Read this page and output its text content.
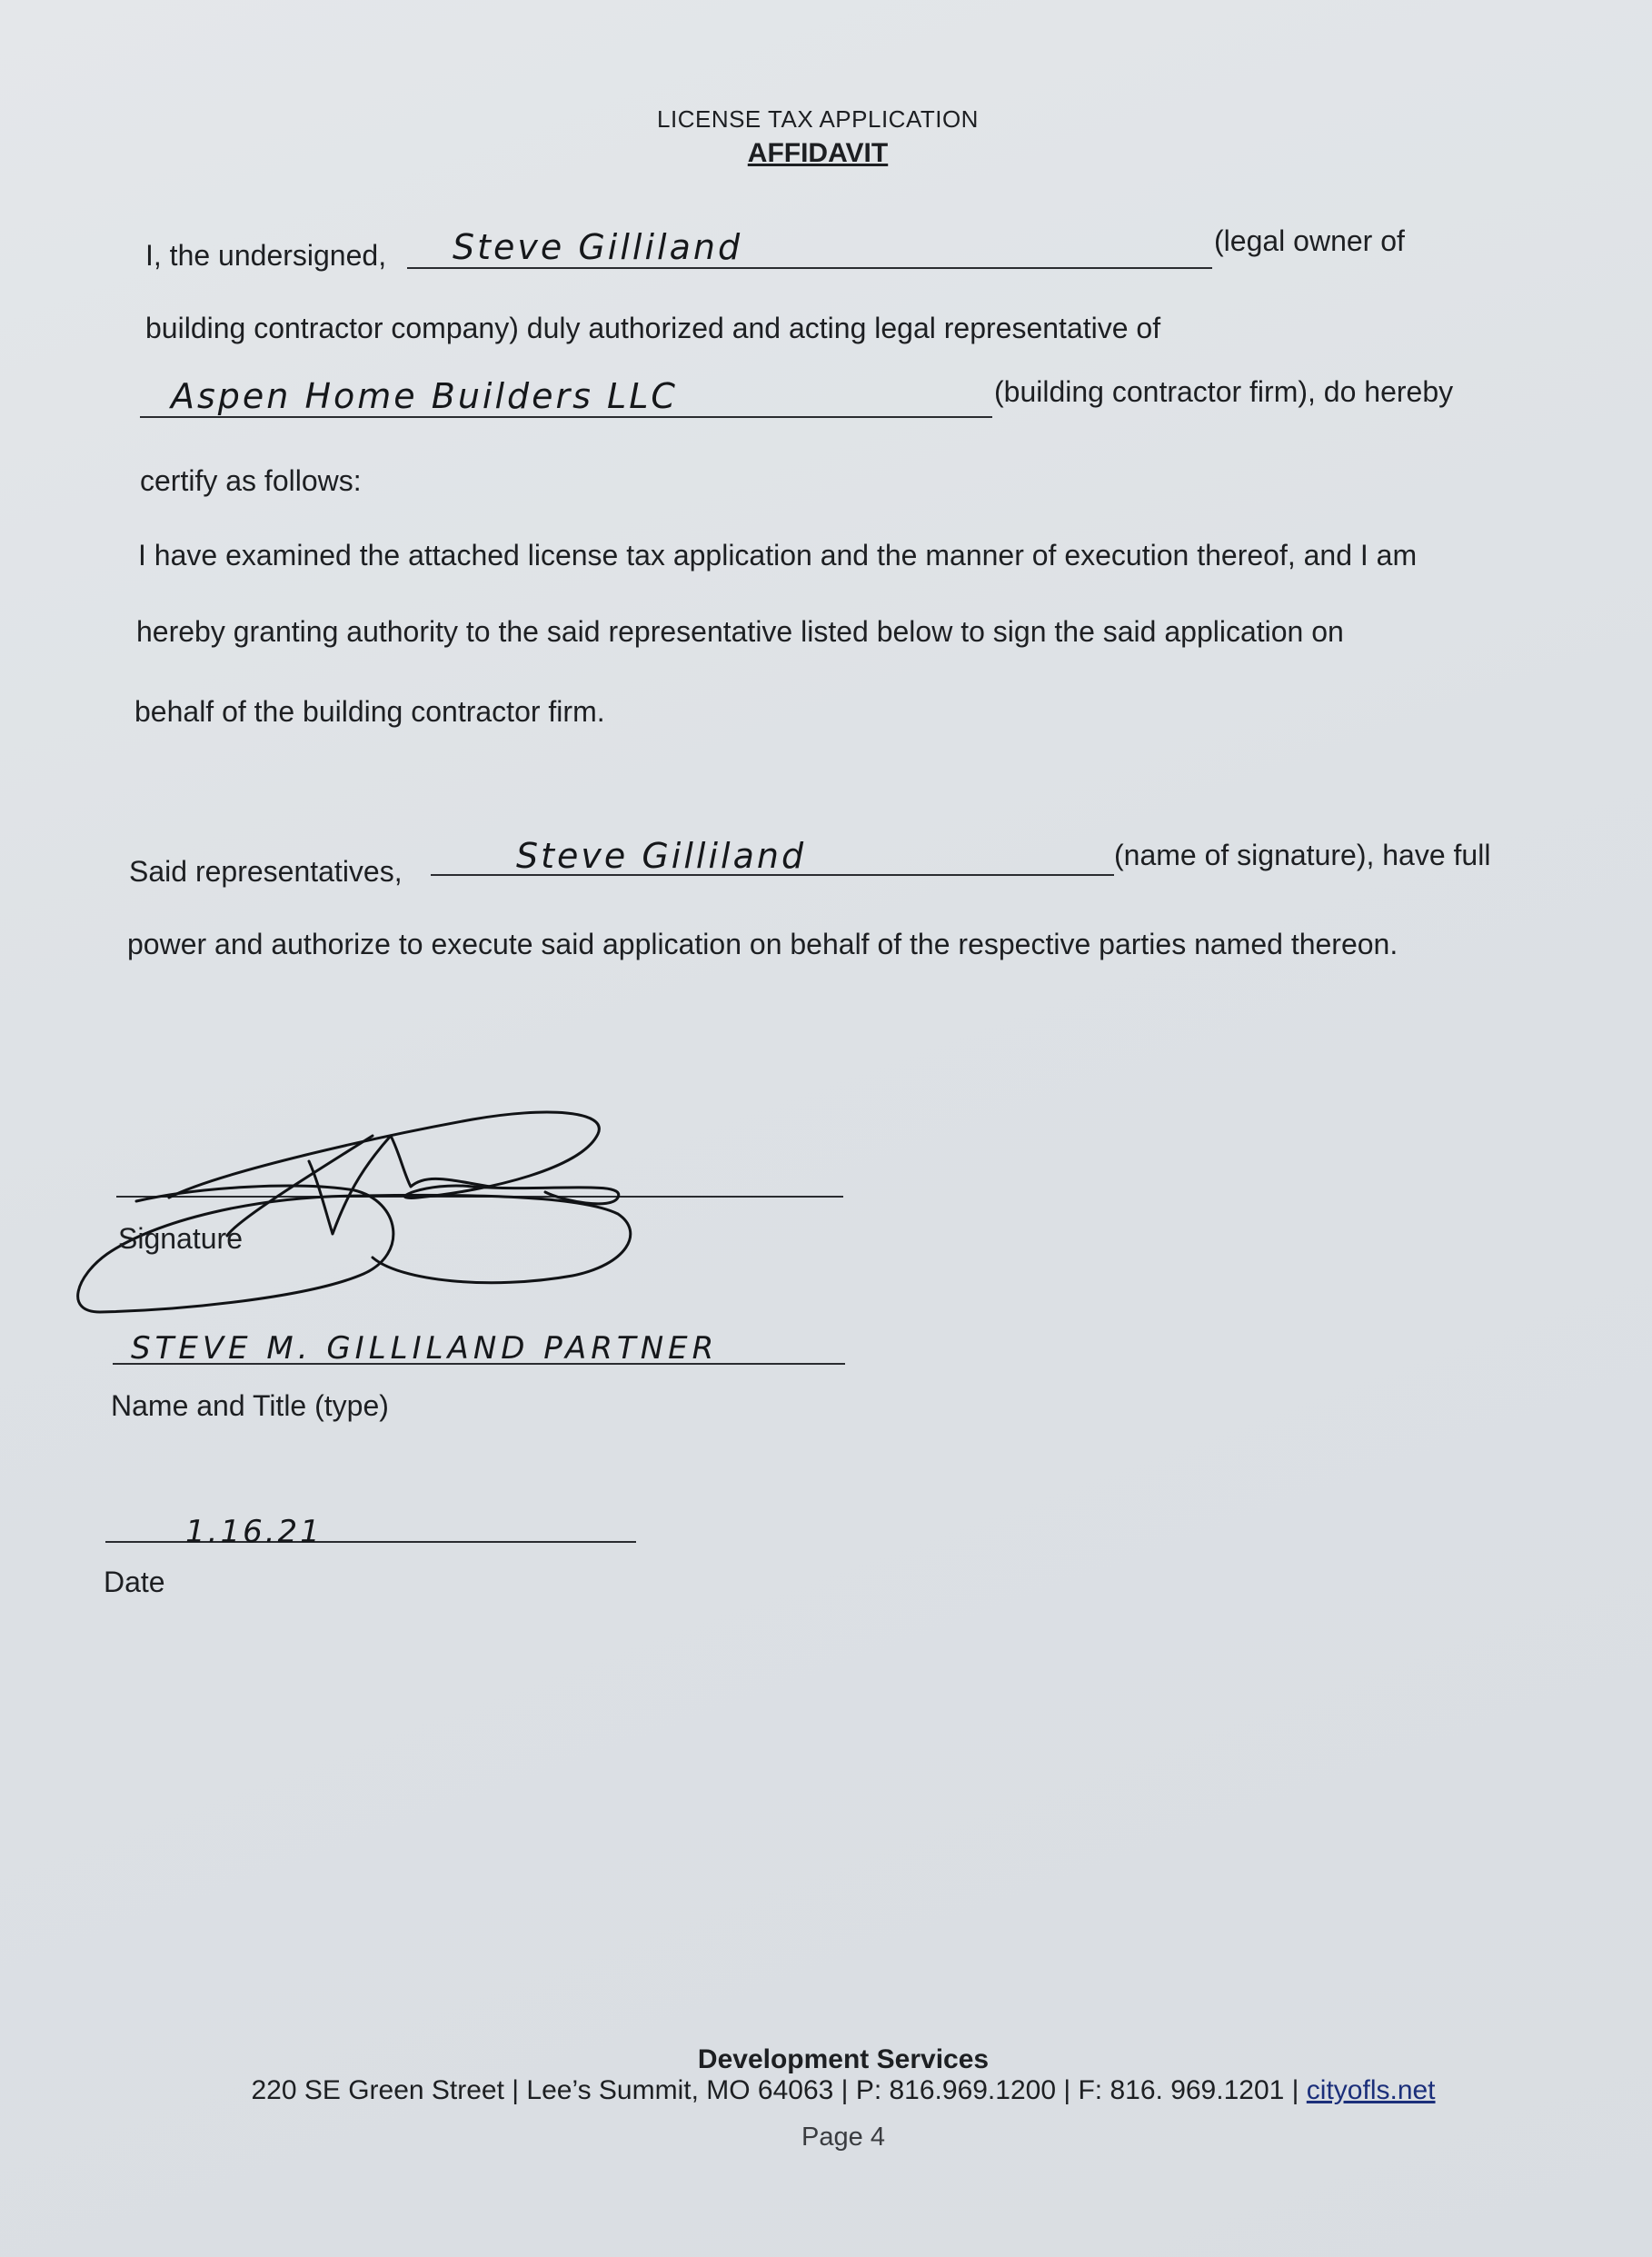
LICENSE TAX APPLICATION
AFFIDAVIT
I, the undersigned, Steve Gilliland	(legal owner of
building contractor company) duly authorized and acting legal representative of
Aspen Home Builders LLC	(building contractor firm), do hereby
certify as follows:
I have examined the attached license tax application and the manner of execution thereof, and I am
hereby granting authority to the said representative listed below to sign the said application on
behalf of the building contractor firm.
Said representatives,	Steve Gilliland	(name of signature), have full
power and authorize to execute said application on behalf of the respective parties named thereon.
Signature
STEVE M. GILLILAND PARTNER
Name and Title (type)
1.16.21
Date
Development Services
220 SE Green Street | Lee’s Summit, MO 64063 | P: 816.969.1200 | F: 816. 969.1201 | cityofls.net
Page 4
